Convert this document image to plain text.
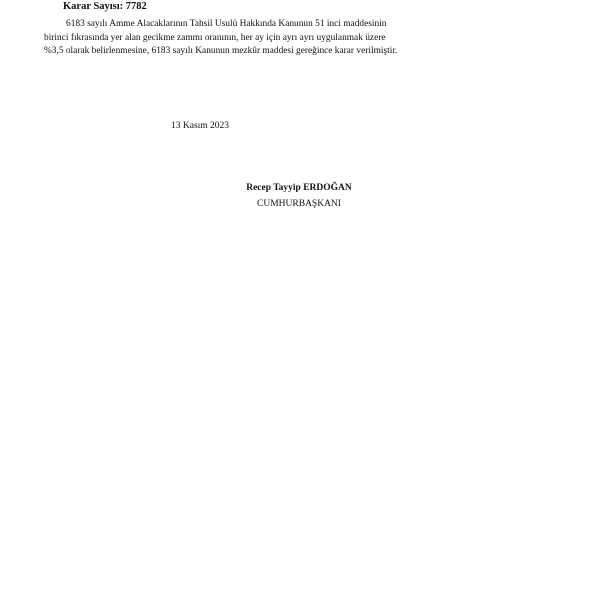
Karar Sayısı: 7782
6183 sayılı Amme Alacaklarının Tahsil Usulü Hakkında Kanunun 51 inci maddesinin
birinci fıkrasında yer alan gecikme zammı oranının, her ay için ayrı ayrı uygulanmak üzere
%3,5 olarak belirlenmesine, 6183 sayılı Kanunun mezkûr maddesi gereğince karar verilmiştir.
13 Kasım 2023
Recep Tayyip ERDOĞAN
CUMHURBAŞKANI
